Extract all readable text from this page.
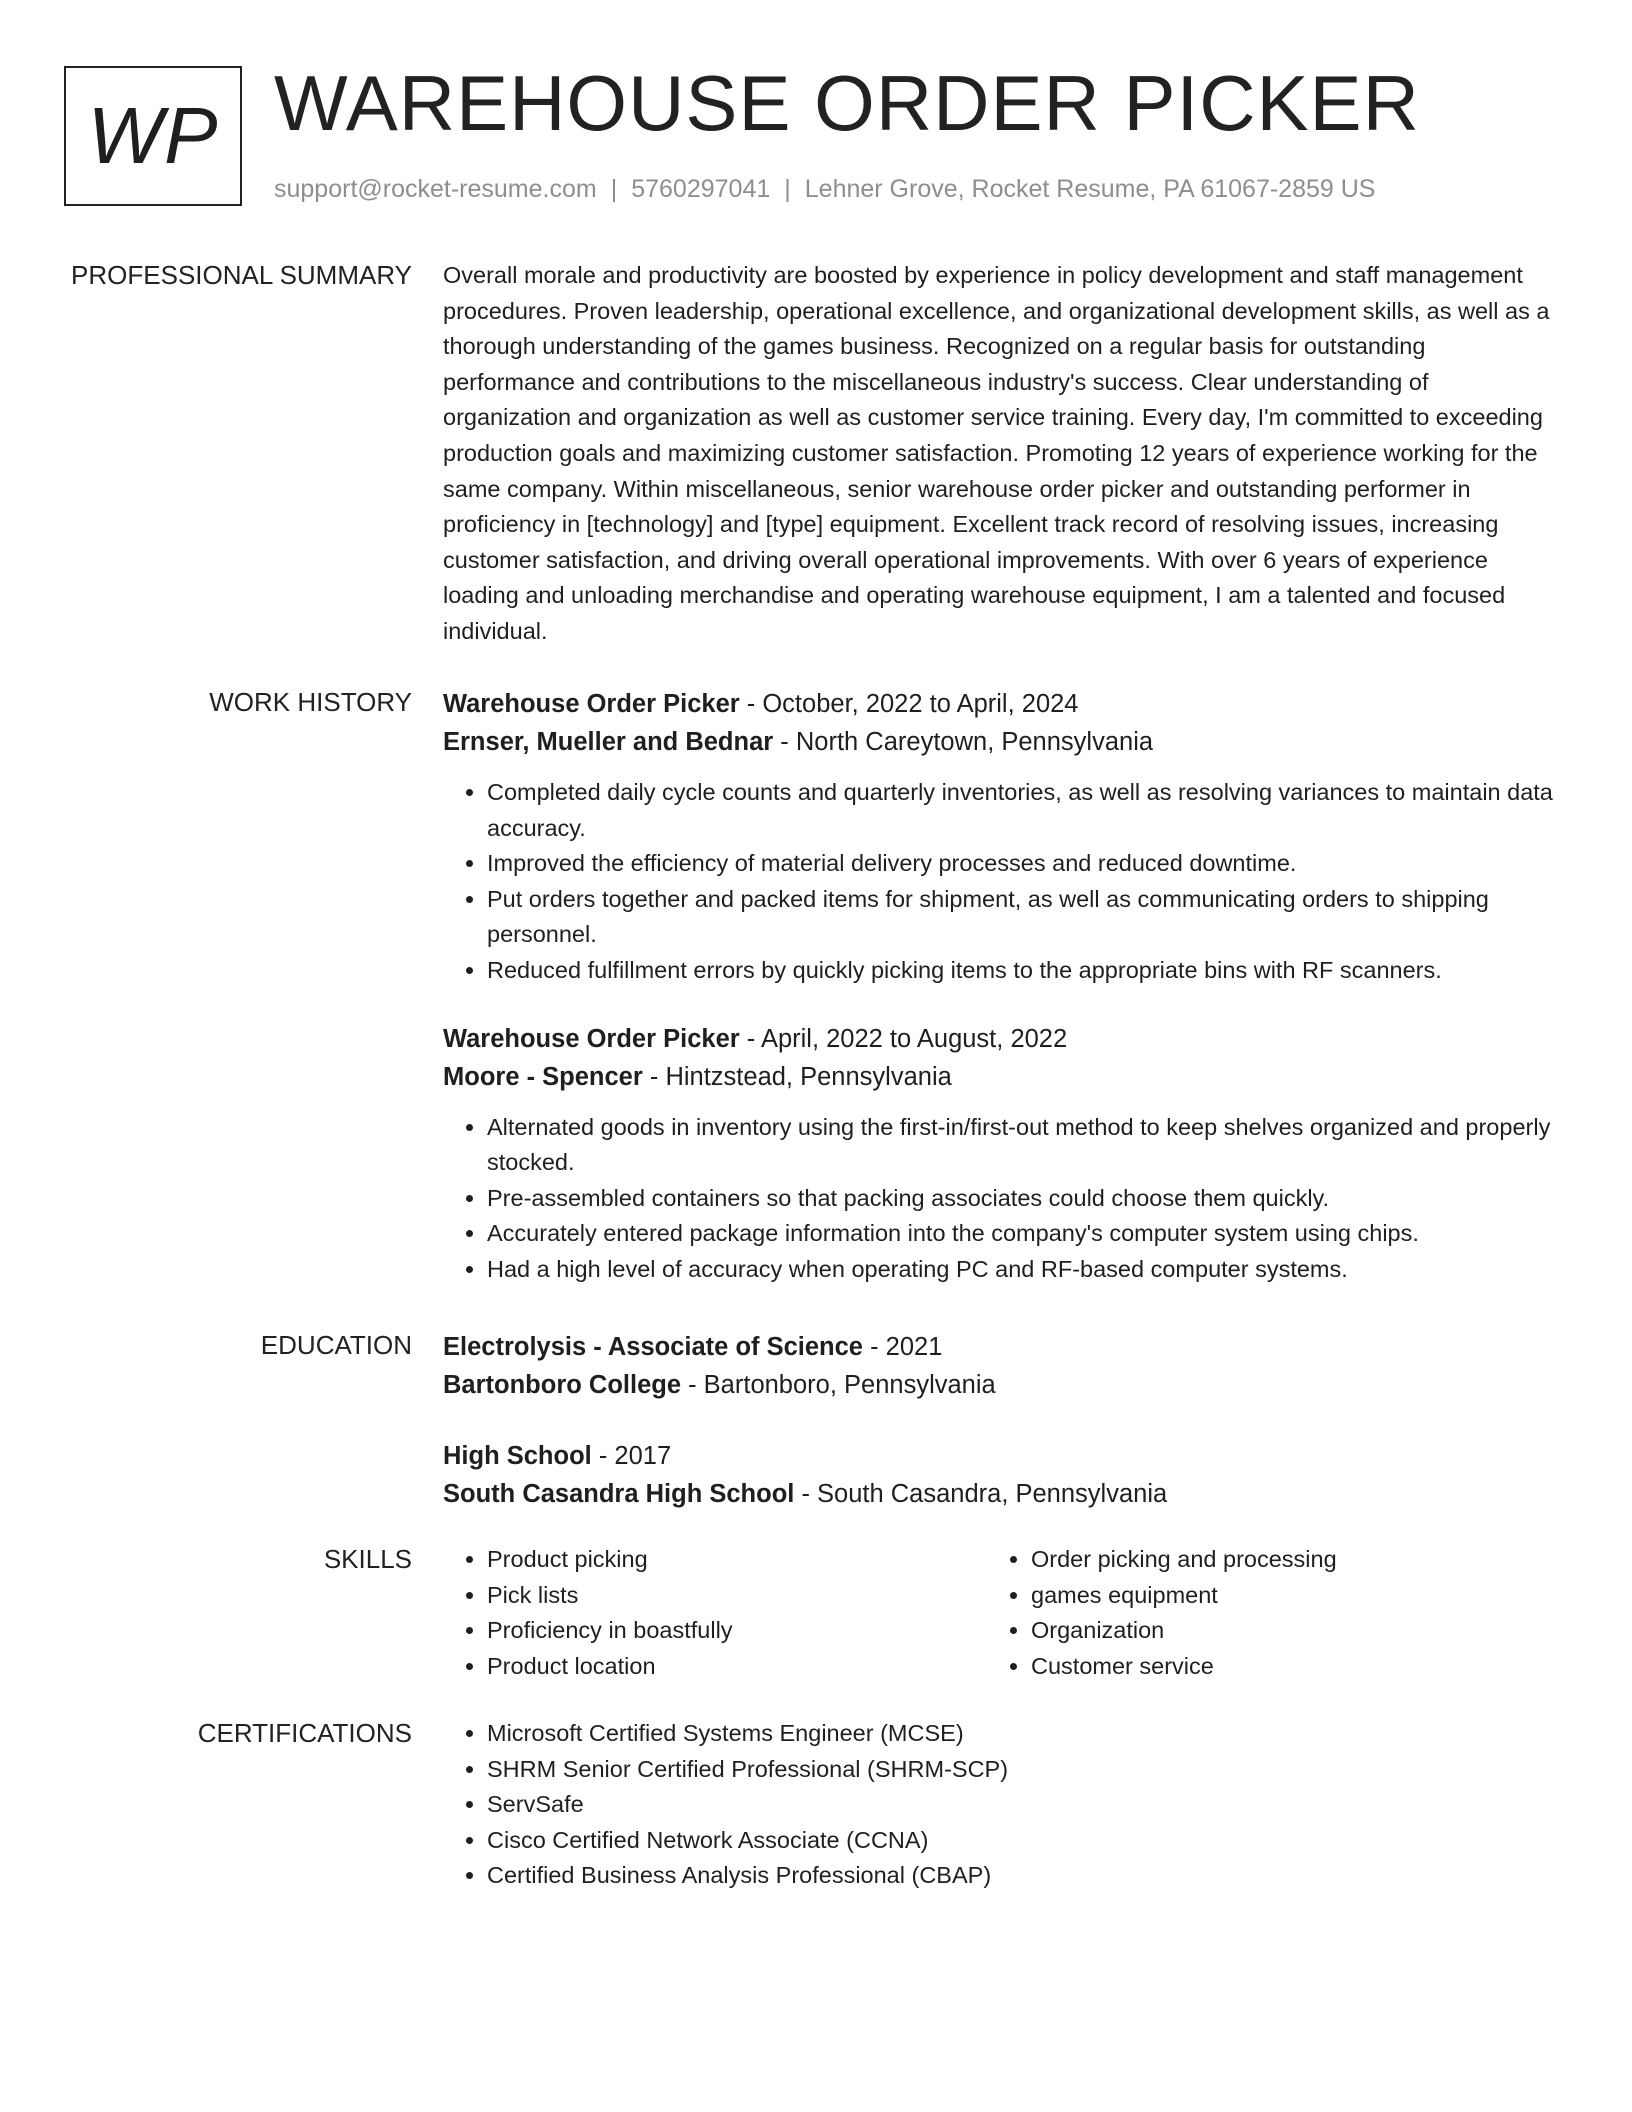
WP WAREHOUSE ORDER PICKER
support@rocket-resume.com | 5760297041 | Lehner Grove, Rocket Resume, PA 61067-2859 US
PROFESSIONAL SUMMARY Overall morale and productivity are boosted by experience in policy development and staff management procedures. Proven leadership, operational excellence, and organizational development skills, as well as a thorough understanding of the games business. Recognized on a regular basis for outstanding performance and contributions to the miscellaneous industry's success. Clear understanding of organization and organization as well as customer service training. Every day, I'm committed to exceeding production goals and maximizing customer satisfaction. Promoting 12 years of experience working for the same company. Within miscellaneous, senior warehouse order picker and outstanding performer in proficiency in [technology] and [type] equipment. Excellent track record of resolving issues, increasing customer satisfaction, and driving overall operational improvements. With over 6 years of experience loading and unloading merchandise and operating warehouse equipment, I am a talented and focused individual.

WORK HISTORY Warehouse Order Picker - October, 2022 to April, 2024

Ernser, Mueller and Bednar - North Careytown, Pennsylvania

• Completed daily cycle counts and quarterly inventories, as well as resolving variances to maintain data accuracy.
• Improved the efficiency of material delivery processes and reduced downtime.
• Put orders together and packed items for shipment, as well as communicating orders to shipping personnel.
• Reduced fulfillment errors by quickly picking items to the appropriate bins with RF scanners.

Warehouse Order Picker - April, 2022 to August, 2022

Moore - Spencer - Hintzstead, Pennsylvania

• Alternated goods in inventory using the first-in/first-out method to keep shelves organized and properly stocked.
• Pre-assembled containers so that packing associates could choose them quickly.
• Accurately entered package information into the company's computer system using chips.
• Had a high level of accuracy when operating PC and RF-based computer systems.
EDUCATION Electrolysis - Associate of Science - 2021

Bartonboro College - Bartonboro, Pennsylvania

High School - 2017

South Casandra High School - South Casandra, Pennsylvania

SKILLS	• Product picking
• Pick lists
• Proficiency in boastfully
• Product location
• Order picking and processing
• games equipment
• Organization
• Customer service
CERTIFICATIONS	• Microsoft Certified Systems Engineer (MCSE)
• SHRM Senior Certified Professional (SHRM-SCP)
• ServSafe
• Cisco Certified Network Associate (CCNA)
• Certified Business Analysis Professional (CBAP)
